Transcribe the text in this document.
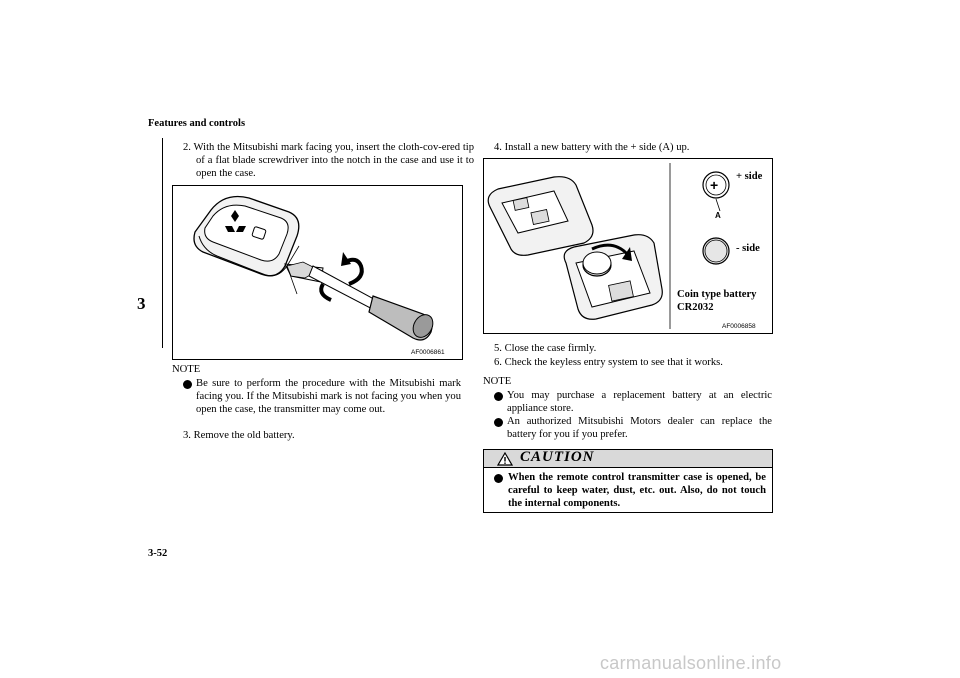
Features and controls
3
3-52
2. With the Mitsubishi mark facing you, insert the cloth-cov-ered tip of a flat blade screwdriver into the notch in the case and use it to open the case.
AF0006861
NOTE
Be sure to perform the procedure with the Mitsubishi mark facing you. If the Mitsubishi mark is not facing you when you open the case, the transmitter may come out.
3. Remove the old battery.
4. Install a new battery with the + side (A) up.
+
+ side
A
- side
Coin type battery
CR2032
AF0006858
5. Close the case firmly.
6. Check the keyless entry system to see that it works.
NOTE
You may purchase a replacement battery at an electric appliance store.
An authorized Mitsubishi Motors dealer can replace the battery for you if you prefer.
CAUTION
When the remote control transmitter case is opened, be careful to keep water, dust, etc. out. Also, do not touch the internal components.
carmanualsonline.info
